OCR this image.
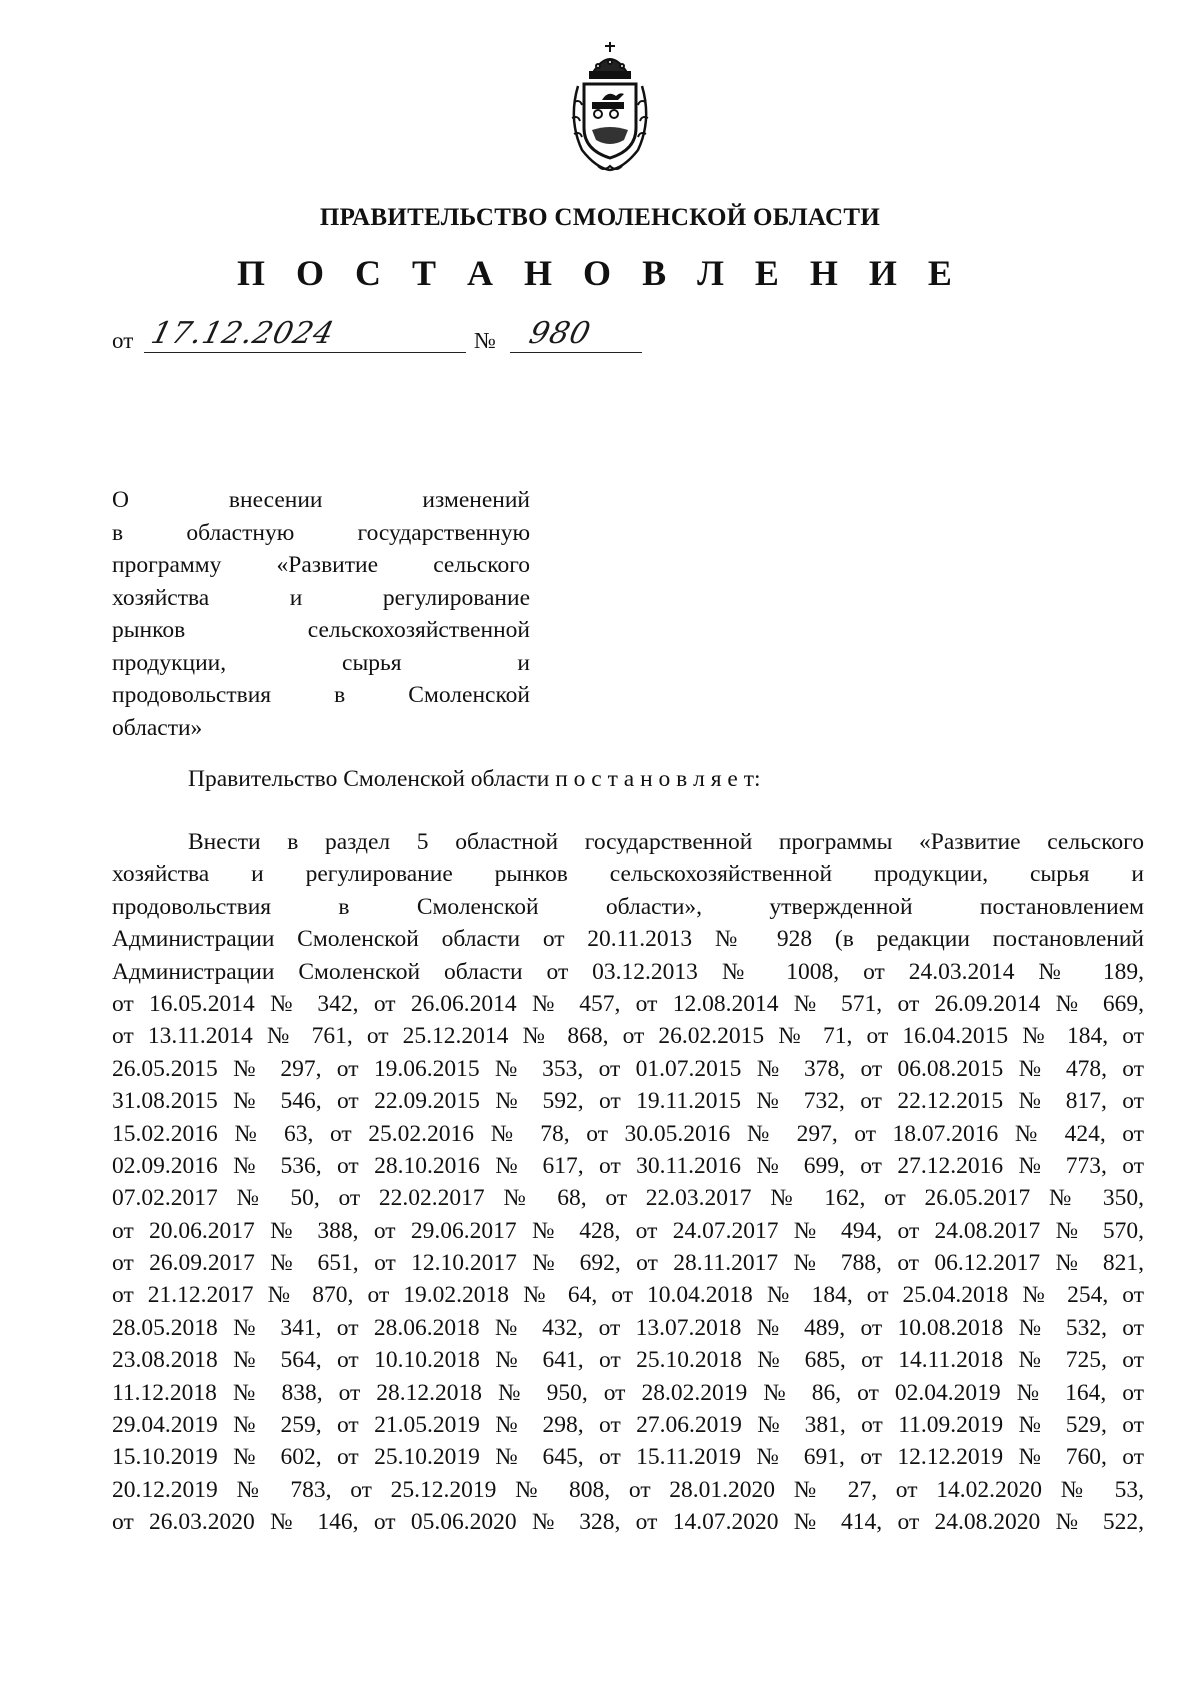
ПРАВИТЕЛЬСТВО СМОЛЕНСКОЙ ОБЛАСТИ
П О С Т А Н О В Л Е Н И Е
от 17.12.2024	№ 980
О внесении изменений
в областную государственную
программу «Развитие сельского
хозяйства и регулирование
рынков сельскохозяйственной
продукции, сырья и
продовольствия в Смоленской
области»
Правительство Смоленской области п о с т а н о в л я е т:
Внести в раздел 5 областной государственной программы «Развитие сельского
хозяйства и регулирование рынков сельскохозяйственной продукции, сырья и
продовольствия в Смоленской области», утвержденной постановлением
Администрации Смоленской области от 20.11.2013 № 928 (в редакции постановлений
Администрации Смоленской области от 03.12.2013 № 1008, от 24.03.2014 № 189,
от 16.05.2014 № 342, от 26.06.2014 № 457, от 12.08.2014 № 571, от 26.09.2014 № 669,
от 13.11.2014 № 761, от 25.12.2014 № 868, от 26.02.2015 № 71, от 16.04.2015 № 184, от
26.05.2015 № 297, от 19.06.2015 № 353, от 01.07.2015 № 378, от 06.08.2015 № 478, от
31.08.2015 № 546, от 22.09.2015 № 592, от 19.11.2015 № 732, от 22.12.2015 № 817, от
15.02.2016 № 63, от 25.02.2016 № 78, от 30.05.2016 № 297, от 18.07.2016 № 424, от
02.09.2016 № 536, от 28.10.2016 № 617, от 30.11.2016 № 699, от 27.12.2016 № 773, от
07.02.2017 № 50, от 22.02.2017 № 68, от 22.03.2017 № 162, от 26.05.2017 № 350,
от 20.06.2017 № 388, от 29.06.2017 № 428, от 24.07.2017 № 494, от 24.08.2017 № 570,
от 26.09.2017 № 651, от 12.10.2017 № 692, от 28.11.2017 № 788, от 06.12.2017 № 821,
от 21.12.2017 № 870, от 19.02.2018 № 64, от 10.04.2018 № 184, от 25.04.2018 № 254, от
28.05.2018 № 341, от 28.06.2018 № 432, от 13.07.2018 № 489, от 10.08.2018 № 532, от
23.08.2018 № 564, от 10.10.2018 № 641, от 25.10.2018 № 685, от 14.11.2018 № 725, от
11.12.2018 № 838, от 28.12.2018 № 950, от 28.02.2019 № 86, от 02.04.2019 № 164, от
29.04.2019 № 259, от 21.05.2019 № 298, от 27.06.2019 № 381, от 11.09.2019 № 529, от
15.10.2019 № 602, от 25.10.2019 № 645, от 15.11.2019 № 691, от 12.12.2019 № 760, от
20.12.2019 № 783, от 25.12.2019 № 808, от 28.01.2020 № 27, от 14.02.2020 № 53,
от 26.03.2020 № 146, от 05.06.2020 № 328, от 14.07.2020 № 414, от 24.08.2020 № 522,
